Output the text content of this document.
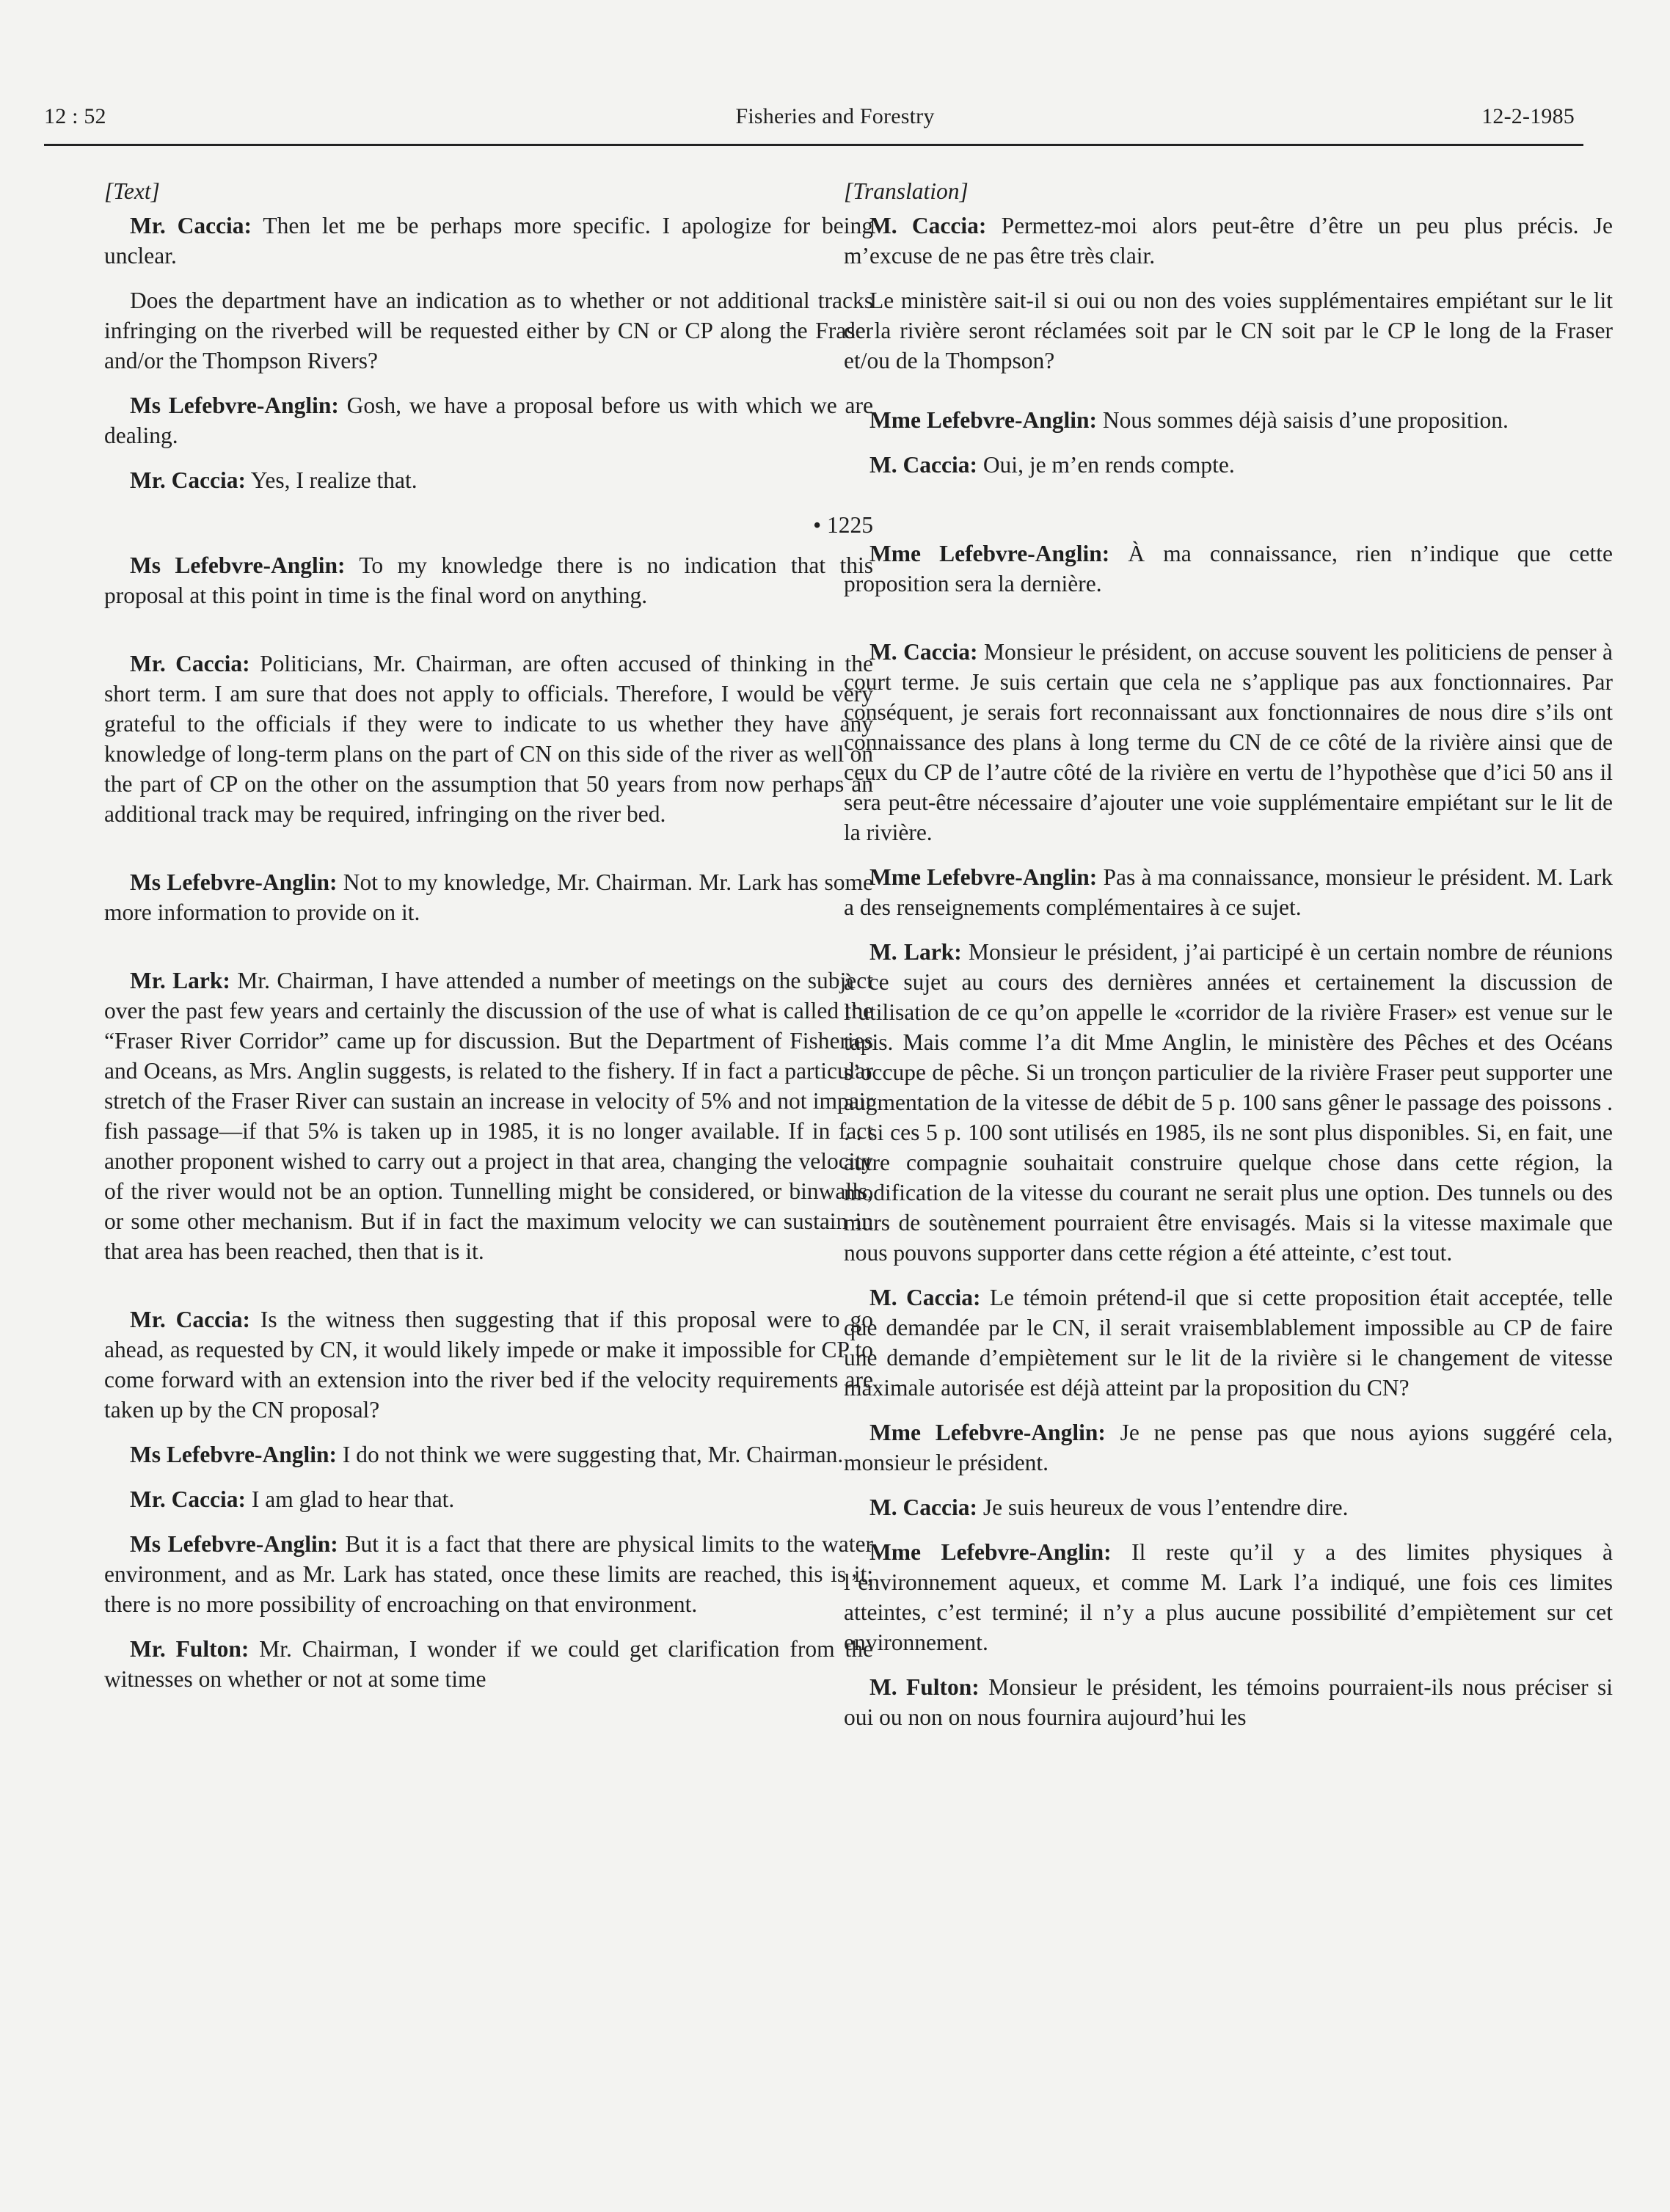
12 : 52	Fisheries and Forestry	12-2-1985

[Text]

Mr. Caccia: Then let me be perhaps more specific. I apologize for being unclear.

Does the department have an indication as to whether or not additional tracks infringing on the riverbed will be requested either by CN or CP along the Fraser and/or the Thompson Rivers?

Ms Lefebvre-Anglin: Gosh, we have a proposal before us with which we are dealing.

Mr. Caccia: Yes, I realize that.

• 1225

Ms Lefebvre-Anglin: To my knowledge there is no indication that this proposal at this point in time is the final word on anything.

Mr. Caccia: Politicians, Mr. Chairman, are often accused of thinking in the short term. I am sure that does not apply to officials. Therefore, I would be very grateful to the officials if they were to indicate to us whether they have any knowledge of long-term plans on the part of CN on this side of the river as well on the part of CP on the other on the assumption that 50 years from now perhaps an additional track may be required, infringing on the river bed.

Ms Lefebvre-Anglin: Not to my knowledge, Mr. Chairman. Mr. Lark has some more information to provide on it.

Mr. Lark: Mr. Chairman, I have attended a number of meetings on the subject over the past few years and certainly the discussion of the use of what is called the “Fraser River Corridor” came up for discussion. But the Department of Fisheries and Oceans, as Mrs. Anglin suggests, is related to the fishery. If in fact a particular stretch of the Fraser River can sustain an increase in velocity of 5% and not impair fish passage—if that 5% is taken up in 1985, it is no longer available. If in fact another proponent wished to carry out a project in that area, changing the velocity of the river would not be an option. Tunnelling might be considered, or binwalls, or some other mechanism. But if in fact the maximum velocity we can sustain in that area has been reached, then that is it.

Mr. Caccia: Is the witness then suggesting that if this proposal were to go ahead, as requested by CN, it would likely impede or make it impossible for CP to come forward with an extension into the river bed if the velocity requirements are taken up by the CN proposal?

Ms Lefebvre-Anglin: I do not think we were suggesting that, Mr. Chairman.

Mr. Caccia: I am glad to hear that.

Ms Lefebvre-Anglin: But it is a fact that there are physical limits to the water environment, and as Mr. Lark has stated, once these limits are reached, this is it; there is no more possibility of encroaching on that environment.

Mr. Fulton: Mr. Chairman, I wonder if we could get clarification from the witnesses on whether or not at some time

[Translation]

M. Caccia: Permettez-moi alors peut-être d’être un peu plus précis. Je m’excuse de ne pas être très clair.

Le ministère sait-il si oui ou non des voies supplémentaires empiétant sur le lit de la rivière seront réclamées soit par le CN soit par le CP le long de la Fraser et/ou de la Thompson?

Mme Lefebvre-Anglin: Nous sommes déjà saisis d’une proposition.

M. Caccia: Oui, je m’en rends compte.

Mme Lefebvre-Anglin: À ma connaissance, rien n’indique que cette proposition sera la dernière.

M. Caccia: Monsieur le président, on accuse souvent les politiciens de penser à court terme. Je suis certain que cela ne s’applique pas aux fonctionnaires. Par conséquent, je serais fort reconnaissant aux fonctionnaires de nous dire s’ils ont connaissance des plans à long terme du CN de ce côté de la rivière ainsi que de ceux du CP de l’autre côté de la rivière en vertu de l’hypothèse que d’ici 50 ans il sera peut-être nécessaire d’ajouter une voie supplémentaire empiétant sur le lit de la rivière.

Mme Lefebvre-Anglin: Pas à ma connaissance, monsieur le président. M. Lark a des renseignements complémentaires à ce sujet.

M. Lark: Monsieur le président, j’ai participé è un certain nombre de réunions à ce sujet au cours des dernières années et certainement la discussion de l’utilisation de ce qu’on appelle le «corridor de la rivière Fraser» est venue sur le tapis. Mais comme l’a dit Mme Anglin, le ministère des Pêches et des Océans s’occupe de pêche. Si un tronçon particulier de la rivière Fraser peut supporter une augmentation de la vitesse de débit de 5 p. 100 sans gêner le passage des poissons . . . si ces 5 p. 100 sont utilisés en 1985, ils ne sont plus disponibles. Si, en fait, une autre compagnie souhaitait construire quelque chose dans cette région, la modification de la vitesse du courant ne serait plus une option. Des tunnels ou des murs de soutènement pourraient être envisagés. Mais si la vitesse maximale que nous pouvons supporter dans cette région a été atteinte, c’est tout.

M. Caccia: Le témoin prétend-il que si cette proposition était acceptée, telle que demandée par le CN, il serait vraisemblablement impossible au CP de faire une demande d’empiètement sur le lit de la rivière si le changement de vitesse maximale autorisée est déjà atteint par la proposition du CN?

Mme Lefebvre-Anglin: Je ne pense pas que nous ayions suggéré cela, monsieur le président.

M. Caccia: Je suis heureux de vous l’entendre dire.

Mme Lefebvre-Anglin: Il reste qu’il y a des limites physiques à l’environnement aqueux, et comme M. Lark l’a indiqué, une fois ces limites atteintes, c’est terminé; il n’y a plus aucune possibilité d’empiètement sur cet environnement.

M. Fulton: Monsieur le président, les témoins pourraient-ils nous préciser si oui ou non on nous fournira aujourd’hui les
